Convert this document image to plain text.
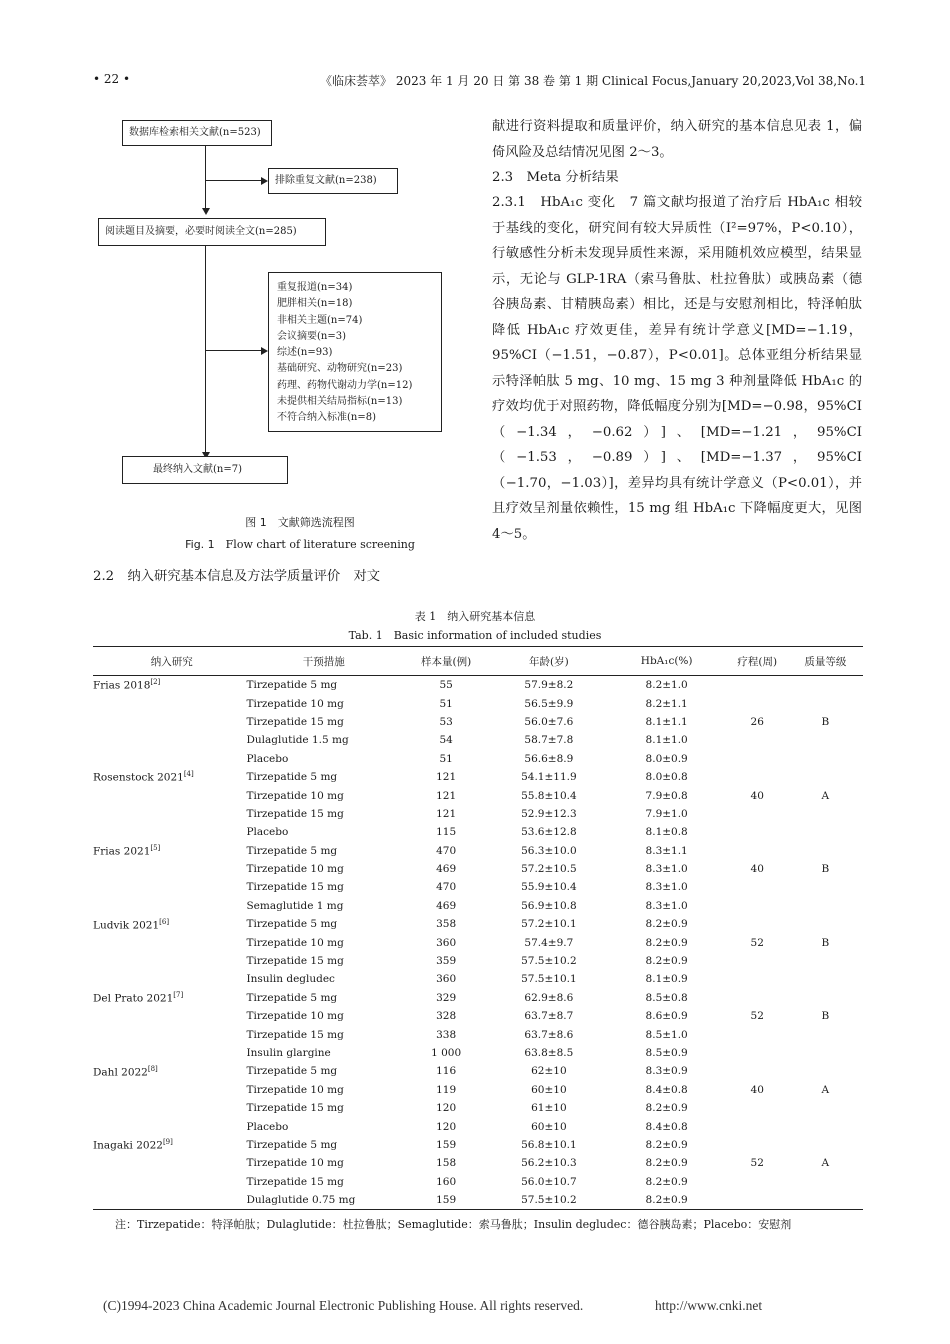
• 22 •	《临床荟萃》 2023 年 1 月 20 日 第 38 卷 第 1 期 Clinical Focus,January 20,2023,Vol 38,No.1
数据库检索相关文献(n=523)
排除重复文献(n=238)
阅读题目及摘要，必要时阅读全文(n=285)
重复报道(n=34)
肥胖相关(n=18)
非相关主题(n=74)
会议摘要(n=3)
综述(n=93)
基础研究、动物研究(n=23)
药理、药物代谢动力学(n=12)
未提供相关结局指标(n=13)
不符合纳入标准(n=8)
最终纳入文献(n=7)
图 1　 文献筛选流程图
Fig. 1　 Flow chart of literature screening
2.2　纳入研究基本信息及方法学质量评价　对文
献进行资料提取和质量评价，纳入研究的基本信息见表 1，偏倚风险及总结情况见图 2～3。
2.3　Meta 分析结果
2.3.1　HbA₁c 变化　7 篇文献均报道了治疗后 HbA₁c 相较于基线的变化，研究间有较大异质性（I²=97%，P<0.10），行敏感性分析未发现异质性来源，采用随机效应模型，结果显示，无论与 GLP-1RA（索马鲁肽、杜拉鲁肽）或胰岛素（德谷胰岛素、甘精胰岛素）相比，还是与安慰剂相比，特泽帕肽降低 HbA₁c 疗效更佳，差异有统计学意义[MD=−1.19，95%CI（−1.51，−0.87），P<0.01]。总体亚组分析结果显示特泽帕肽 5 mg、10 mg、15 mg 3 种剂量降低 HbA₁c 的疗效均优于对照药物，降低幅度分别为[MD=−0.98，95%CI（−1.34，−0.62）]、[MD=−1.21，95%CI（−1.53，−0.89）]、[MD=−1.37，95%CI（−1.70，−1.03）]，差异均具有统计学意义（P<0.01），并且疗效呈剂量依赖性，15 mg 组 HbA₁c 下降幅度更大，见图 4～5。
表 1　 纳入研究基本信息
Tab. 1　 Basic information of included studies
纳入研究	干预措施	样本量(例)	年龄(岁)	HbA₁c(%)	疗程(周)	质量等级
Frias 2018[2]	Tirzepatide 5 mg	55	57.9±8.2	8.2±1.0		
	Tirzepatide 10 mg	51	56.5±9.9	8.2±1.1		
	Tirzepatide 15 mg	53	56.0±7.6	8.1±1.1	26	B
	Dulaglutide 1.5 mg	54	58.7±7.8	8.1±1.0		
	Placebo	51	56.6±8.9	8.0±0.9		
Rosenstock 2021[4]	Tirzepatide 5 mg	121	54.1±11.9	8.0±0.8		
	Tirzepatide 10 mg	121	55.8±10.4	7.9±0.8	40	A
	Tirzepatide 15 mg	121	52.9±12.3	7.9±1.0		
	Placebo	115	53.6±12.8	8.1±0.8		
Frias 2021[5]	Tirzepatide 5 mg	470	56.3±10.0	8.3±1.1		
	Tirzepatide 10 mg	469	57.2±10.5	8.3±1.0	40	B
	Tirzepatide 15 mg	470	55.9±10.4	8.3±1.0		
	Semaglutide 1 mg	469	56.9±10.8	8.3±1.0		
Ludvik 2021[6]	Tirzepatide 5 mg	358	57.2±10.1	8.2±0.9		
	Tirzepatide 10 mg	360	57.4±9.7	8.2±0.9	52	B
	Tirzepatide 15 mg	359	57.5±10.2	8.2±0.9		
	Insulin degludec	360	57.5±10.1	8.1±0.9		
Del Prato 2021[7]	Tirzepatide 5 mg	329	62.9±8.6	8.5±0.8		
	Tirzepatide 10 mg	328	63.7±8.7	8.6±0.9	52	B
	Tirzepatide 15 mg	338	63.7±8.6	8.5±1.0		
	Insulin glargine	1 000	63.8±8.5	8.5±0.9		
Dahl 2022[8]	Tirzepatide 5 mg	116	62±10	8.3±0.9		
	Tirzepatide 10 mg	119	60±10	8.4±0.8	40	A
	Tirzepatide 15 mg	120	61±10	8.2±0.9		
	Placebo	120	60±10	8.4±0.8		
Inagaki 2022[9]	Tirzepatide 5 mg	159	56.8±10.1	8.2±0.9		
	Tirzepatide 10 mg	158	56.2±10.3	8.2±0.9	52	A
	Tirzepatide 15 mg	160	56.0±10.7	8.2±0.9		
	Dulaglutide 0.75 mg	159	57.5±10.2	8.2±0.9		
注：Tirzepatide：特泽帕肽；Dulaglutide：杜拉鲁肽；Semaglutide：索马鲁肽；Insulin degludec：德谷胰岛素；Placebo：安慰剂
(C)1994-2023 China Academic Journal Electronic Publishing House. All rights reserved.	http://www.cnki.net
